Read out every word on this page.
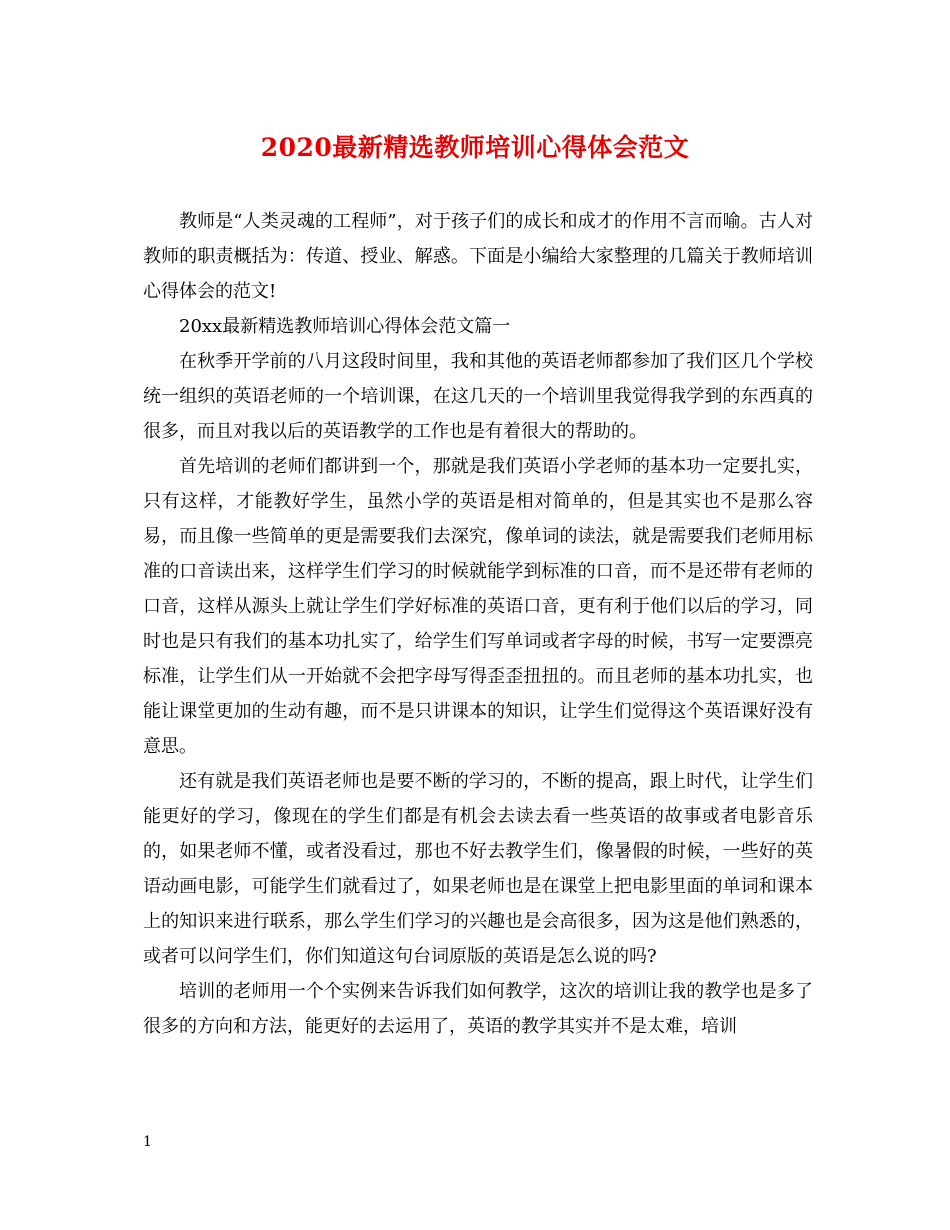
2020最新精选教师培训心得体会范文

教师是“人类灵魂的工程师”，对于孩子们的成长和成才的作用不言而喻。古人对教师的职责概括为：传道、授业、解惑。下面是小编给大家整理的几篇关于教师培训心得体会的范文!

20xx最新精选教师培训心得体会范文篇一

在秋季开学前的八月这段时间里，我和其他的英语老师都参加了我们区几个学校统一组织的英语老师的一个培训课，在这几天的一个培训里我觉得我学到的东西真的很多，而且对我以后的英语教学的工作也是有着很大的帮助的。

首先培训的老师们都讲到一个，那就是我们英语小学老师的基本功一定要扎实，只有这样，才能教好学生，虽然小学的英语是相对简单的，但是其实也不是那么容易，而且像一些简单的更是需要我们去深究，像单词的读法，就是需要我们老师用标准的口音读出来，这样学生们学习的时候就能学到标准的口音，而不是还带有老师的口音，这样从源头上就让学生们学好标准的英语口音，更有利于他们以后的学习，同时也是只有我们的基本功扎实了，给学生们写单词或者字母的时候，书写一定要漂亮标准，让学生们从一开始就不会把字母写得歪歪扭扭的。而且老师的基本功扎实，也能让课堂更加的生动有趣，而不是只讲课本的知识，让学生们觉得这个英语课好没有意思。

还有就是我们英语老师也是要不断的学习的，不断的提高，跟上时代，让学生们能更好的学习，像现在的学生们都是有机会去读去看一些英语的故事或者电影音乐的，如果老师不懂，或者没看过，那也不好去教学生们，像暑假的时候，一些好的英语动画电影，可能学生们就看过了，如果老师也是在课堂上把电影里面的单词和课本上的知识来进行联系，那么学生们学习的兴趣也是会高很多，因为这是他们熟悉的，或者可以问学生们，你们知道这句台词原版的英语是怎么说的吗?

培训的老师用一个个实例来告诉我们如何教学，这次的培训让我的教学也是多了很多的方向和方法，能更好的去运用了，英语的教学其实并不是太难，培训

1
